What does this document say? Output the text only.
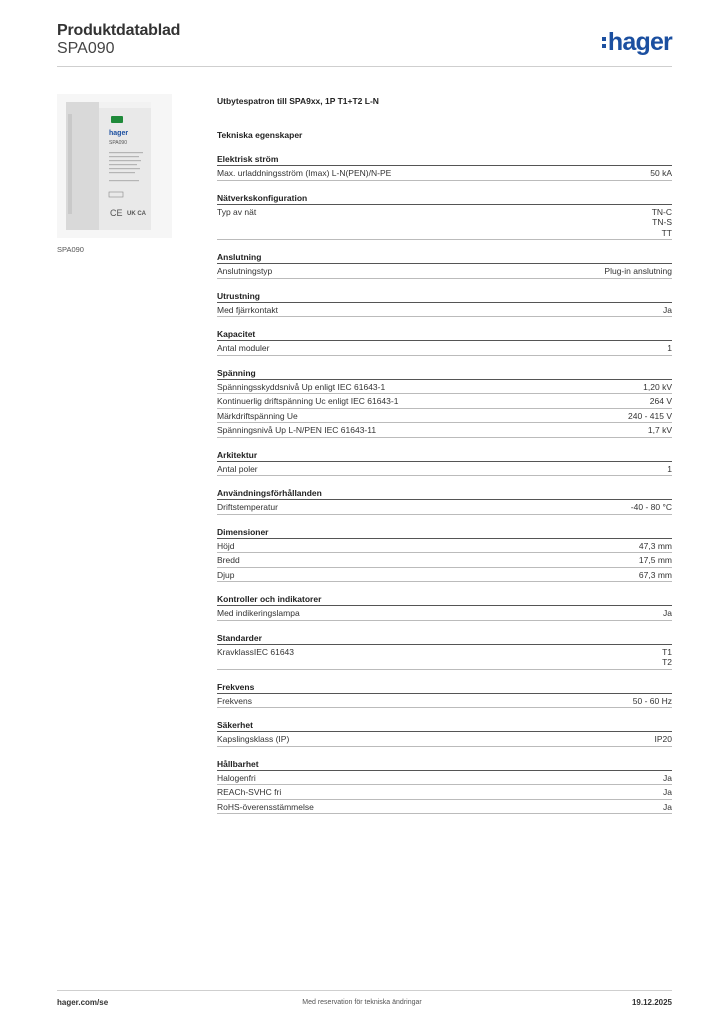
Produktdatablad
SPA090	hager
hager
SPA090
CE UK CA
SPA090
Utbytespatron till SPA9xx, 1P T1+T2 L-N
Tekniska egenskaper
Elektrisk ström
Max. urladdningsström (Imax) L-N(PEN)/N-PE	50 kA
Nätverkskonfiguration
Typ av nät	TN-C
TN-S
TT
Anslutning
Anslutningstyp	Plug-in anslutning
Utrustning
Med fjärrkontakt	Ja
Kapacitet
Antal moduler	1
Spänning
Spänningsskyddsnivå Up enligt IEC 61643-1	1,20 kV
Kontinuerlig driftspänning Uc enligt IEC 61643-1	264 V
Märkdriftspänning Ue	240 - 415 V
Spänningsnivå Up L-N/PEN IEC 61643-11	1,7 kV
Arkitektur
Antal poler	1
Användningsförhållanden
Driftstemperatur	-40 - 80 °C
Dimensioner
Höjd	47,3 mm
Bredd	17,5 mm
Djup	67,3 mm
Kontroller och indikatorer
Med indikeringslampa	Ja
Standarder
KravklassIEC 61643	T1
T2
Frekvens
Frekvens	50 - 60 Hz
Säkerhet
Kapslingsklass (IP)	IP20
Hållbarhet
Halogenfri	Ja
REACh-SVHC fri	Ja
RoHS-överensstämmelse	Ja
hager.com/se	Med reservation för tekniska ändringar	19.12.2025
